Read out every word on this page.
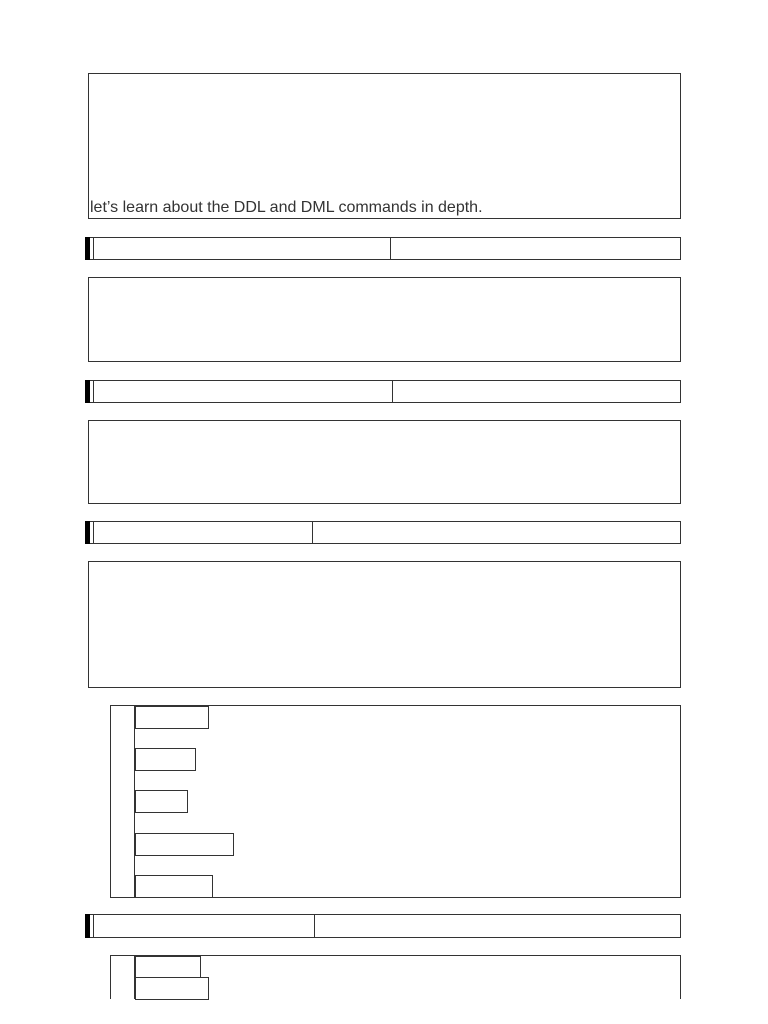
let’s learn about the DDL and DML commands in depth.
